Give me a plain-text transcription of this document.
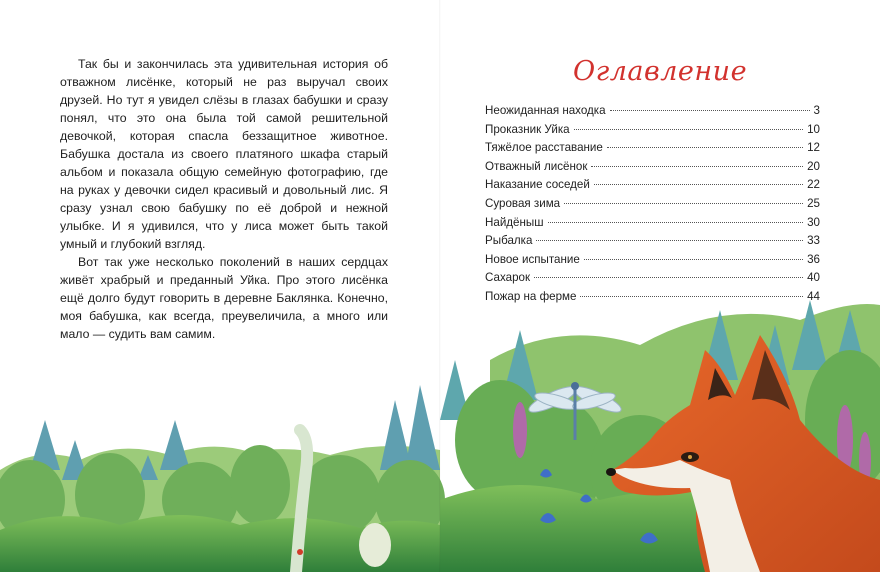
Так бы и закончилась эта удивительная история об отважном лисёнке, который не раз выручал своих друзей. Но тут я увидел слёзы в глазах бабушки и сразу понял, что это она была той самой решительной девочкой, которая спасла беззащитное животное. Бабушка достала из своего платяного шкафа старый альбом и показала общую семейную фотографию, где на руках у девочки сидел красивый и довольный лис. Я сразу узнал свою бабушку по её доброй и нежной улыбке. И я удивился, что у лиса может быть такой умный и глубокий взгляд.

Вот так уже несколько поколений в наших сердцах живёт храбрый и преданный Уйка. Про этого лисёнка ещё долго будут говорить в деревне Баклянка. Конечно, моя бабушка, как всегда, преувеличила, а много или мало — судить вам самим.

Оглавление
Неожиданная находка	3
Проказник Уйка	10
Тяжёлое расставание	12
Отважный лисёнок	20
Наказание соседей	22
Суровая зима	25
Найдёныш	30
Рыбалка	33
Новое испытание	36
Сахарок	40
Пожар на ферме	44
